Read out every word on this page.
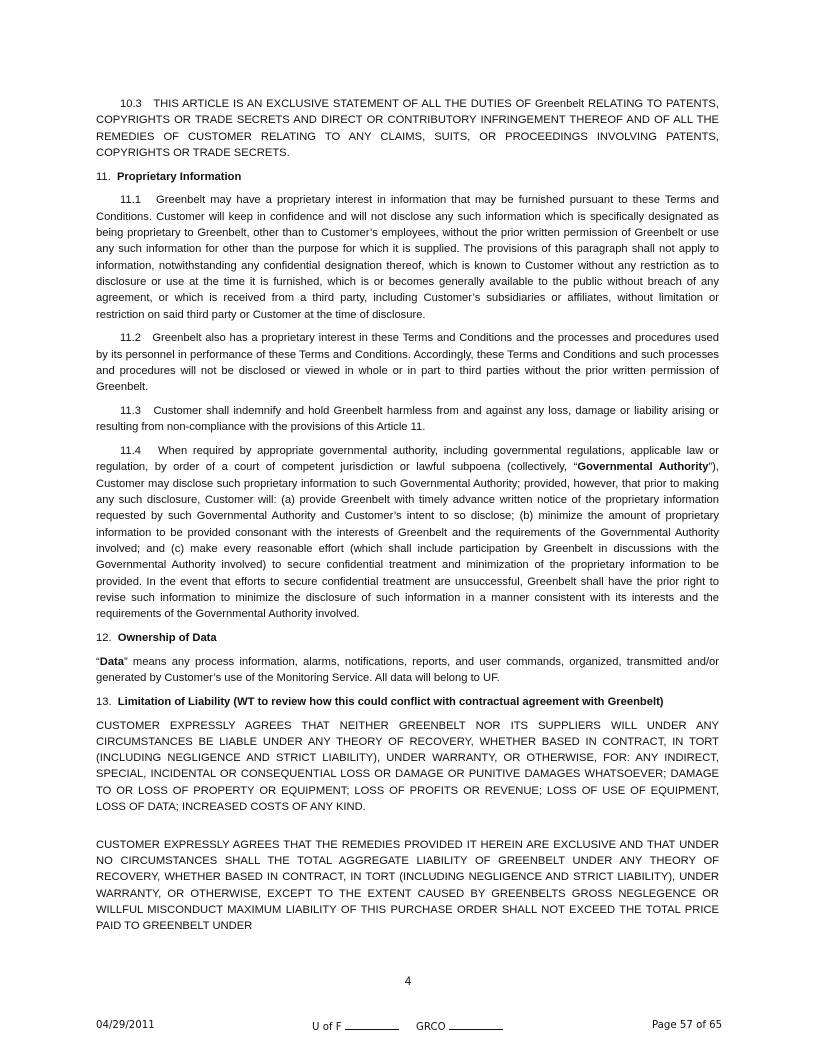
10.3   THIS ARTICLE IS AN EXCLUSIVE STATEMENT OF ALL THE DUTIES OF Greenbelt RELATING TO PATENTS, COPYRIGHTS OR TRADE SECRETS AND DIRECT OR CONTRIBUTORY INFRINGEMENT THEREOF AND OF ALL THE REMEDIES OF CUSTOMER RELATING TO ANY CLAIMS, SUITS, OR PROCEEDINGS INVOLVING PATENTS, COPYRIGHTS OR TRADE SECRETS.

11. Proprietary Information

11.1   Greenbelt may have a proprietary interest in information that may be furnished pursuant to these Terms and Conditions. Customer will keep in confidence and will not disclose any such information which is specifically designated as being proprietary to Greenbelt, other than to Customer’s employees, without the prior written permission of Greenbelt or use any such information for other than the purpose for which it is supplied. The provisions of this paragraph shall not apply to information, notwithstanding any confidential designation thereof, which is known to Customer without any restriction as to disclosure or use at the time it is furnished, which is or becomes generally available to the public without breach of any agreement, or which is received from a third party, including Customer’s subsidiaries or affiliates, without limitation or restriction on said third party or Customer at the time of disclosure.

11.2   Greenbelt also has a proprietary interest in these Terms and Conditions and the processes and procedures used by its personnel in performance of these Terms and Conditions. Accordingly, these Terms and Conditions and such processes and procedures will not be disclosed or viewed in whole or in part to third parties without the prior written permission of Greenbelt.

11.3   Customer shall indemnify and hold Greenbelt harmless from and against any loss, damage or liability arising or resulting from non-compliance with the provisions of this Article 11.

11.4   When required by appropriate governmental authority, including governmental regulations, applicable law or regulation, by order of a court of competent jurisdiction or lawful subpoena (collectively, “Governmental Authority”), Customer may disclose such proprietary information to such Governmental Authority; provided, however, that prior to making any such disclosure, Customer will: (a) provide Greenbelt with timely advance written notice of the proprietary information requested by such Governmental Authority and Customer’s intent to so disclose; (b) minimize the amount of proprietary information to be provided consonant with the interests of Greenbelt and the requirements of the Governmental Authority involved; and (c) make every reasonable effort (which shall include participation by Greenbelt in discussions with the Governmental Authority involved) to secure confidential treatment and minimization of the proprietary information to be provided. In the event that efforts to secure confidential treatment are unsuccessful, Greenbelt shall have the prior right to revise such information to minimize the disclosure of such information in a manner consistent with its interests and the requirements of the Governmental Authority involved.

12. Ownership of Data

“Data” means any process information, alarms, notifications, reports, and user commands, organized, transmitted and/or generated by Customer’s use of the Monitoring Service. All data will belong to UF.

13. Limitation of Liability (WT to review how this could conflict with contractual agreement with Greenbelt)

CUSTOMER EXPRESSLY AGREES THAT NEITHER GREENBELT NOR ITS SUPPLIERS WILL UNDER ANY CIRCUMSTANCES BE LIABLE UNDER ANY THEORY OF RECOVERY, WHETHER BASED IN CONTRACT, IN TORT (INCLUDING NEGLIGENCE AND STRICT LIABILITY), UNDER WARRANTY, OR OTHERWISE, FOR: ANY INDIRECT, SPECIAL, INCIDENTAL OR CONSEQUENTIAL LOSS OR DAMAGE OR PUNITIVE DAMAGES WHATSOEVER; DAMAGE TO OR LOSS OF PROPERTY OR EQUIPMENT; LOSS OF PROFITS OR REVENUE; LOSS OF USE OF EQUIPMENT, LOSS OF DATA; INCREASED COSTS OF ANY KIND.

CUSTOMER EXPRESSLY AGREES THAT THE REMEDIES PROVIDED IT HEREIN ARE EXCLUSIVE AND THAT UNDER NO CIRCUMSTANCES SHALL THE TOTAL AGGREGATE LIABILITY OF GREENBELT UNDER ANY THEORY OF RECOVERY, WHETHER BASED IN CONTRACT, IN TORT (INCLUDING NEGLIGENCE AND STRICT LIABILITY), UNDER WARRANTY, OR OTHERWISE, EXCEPT TO THE EXTENT CAUSED BY GREENBELTS GROSS NEGLEGENCE OR WILLFUL MISCONDUCT MAXIMUM LIABILITY OF THIS PURCHASE ORDER SHALL NOT EXCEED THE TOTAL PRICE PAID TO GREENBELT UNDER

4
04/29/2011	U of F	GRCO	Page 57 of 65
